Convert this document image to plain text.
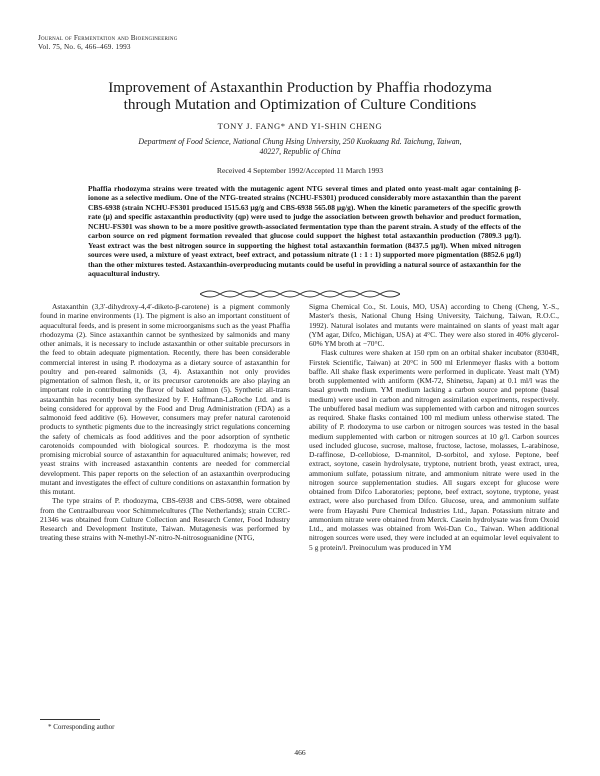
Journal of Fermentation and Bioengineering
Vol. 75, No. 6, 466–469. 1993
Improvement of Astaxanthin Production by Phaffia rhodozyma
through Mutation and Optimization of Culture Conditions
TONY J. FANG* AND YI-SHIN CHENG
Department of Food Science, National Chung Hsing University, 250 Kuokuang Rd. Taichung, Taiwan,
40227, Republic of China
Received 4 September 1992/Accepted 11 March 1993
Phaffia rhodozyma strains were treated with the mutagenic agent NTG several times and plated onto yeast-malt agar containing β-ionone as a selective medium. One of the NTG-treated strains (NCHU-FS301) produced considerably more astaxanthin than the parent CBS-6938 (strain NCHU-FS301 produced 1515.63 µg/g and CBS-6938 565.08 µg/g). When the kinetic parameters of the specific growth rate (µ) and specific astaxanthin productivity (qp) were used to judge the association between growth behavior and product formation, NCHU-FS301 was shown to be a more positive growth-associated fermentation type than the parent strain. A study of the effects of the carbon source on red pigment formation revealed that glucose could support the highest total astaxanthin production (7809.3 µg/l). Yeast extract was the best nitrogen source in supporting the highest total astaxanthin formation (8437.5 µg/l). When mixed nitrogen sources were used, a mixture of yeast extract, beef extract, and potassium nitrate (1 : 1 : 1) supported more pigmentation (8852.6 µg/l) than the other mixtures tested. Astaxanthin-overproducing mutants could be useful in providing a natural source of astaxanthin for the aquacultural industry.

Astaxanthin (3,3′-dihydroxy-4,4′-diketo-β-carotene) is a pigment commonly found in marine environments (1). The pigment is also an important constituent of aquacultural feeds, and is present in some microorganisms such as the yeast Phaffia rhodozyma (2). Since astaxanthin cannot be synthesized by salmonids and many other animals, it is necessary to include astaxanthin or other suitable precursors in the feed to obtain adequate pigmentation. Recently, there has been considerable commercial interest in using P. rhodozyma as a dietary source of astaxanthin for poultry and pen-reared salmonids (3, 4). Astaxanthin not only provides pigmentation of salmon flesh, it, or its precursor carotenoids are also playing an important role in contributing the flavor of baked salmon (5). Synthetic all-trans astaxanthin has recently been synthesized by F. Hoffmann-LaRoche Ltd. and is being considered for approval by the Food and Drug Administration (FDA) as a salmonoid feed additive (6). However, consumers may prefer natural carotenoid products to synthetic pigments due to the increasingly strict regulations concerning the safety of chemicals as food additives and the poor adsorption of synthetic carotenoids compounded with biological sources. P. rhodozyma is the most promising microbial source of astaxanthin for aquacultured animals; however, red yeast strains with increased astaxanthin contents are needed for commercial development. This paper reports on the selection of an astaxanthin overproducing mutant and investigates the effect of culture conditions on astaxanthin formation by this mutant.

The type strains of P. rhodozyma, CBS-6938 and CBS-5098, were obtained from the Centraalbureau voor Schimmelcultures (The Netherlands); strain CCRC-21346 was obtained from Culture Collection and Research Center, Food Industry Research and Development Institute, Taiwan. Mutagenesis was performed by treating these strains with N-methyl-N′-nitro-N-nitrosoguanidine (NTG,

Sigma Chemical Co., St. Louis, MO, USA) according to Cheng (Cheng, Y.-S., Master's thesis, National Chung Hsing University, Taichung, Taiwan, R.O.C., 1992). Natural isolates and mutants were maintained on slants of yeast malt agar (YM agar, Difco, Michigan, USA) at 4°C. They were also stored in 40% glycerol-60% YM broth at −70°C.

Flask cultures were shaken at 150 rpm on an orbital shaker incubator (8304R, Firstek Scientific, Taiwan) at 20°C in 500 ml Erlenmeyer flasks with a bottom baffle. All shake flask experiments were performed in duplicate. Yeast malt (YM) broth supplemented with antiform (KM-72, Shinetsu, Japan) at 0.1 ml/l was the basal growth medium. YM medium lacking a carbon source and peptone (basal medium) were used in carbon and nitrogen assimilation experiments, respectively. The unbuffered basal medium was supplemented with carbon and nitrogen sources as required. Shake flasks contained 100 ml medium unless otherwise stated. The ability of P. rhodozyma to use carbon or nitrogen sources was tested in the basal medium supplemented with carbon or nitrogen sources at 10 g/l. Carbon sources used included glucose, sucrose, maltose, fructose, lactose, molasses, L-arabinose, D-raffinose, D-cellobiose, D-mannitol, D-sorbitol, and xylose. Peptone, beef extract, soytone, casein hydrolysate, tryptone, nutrient broth, yeast extract, urea, ammonium sulfate, potassium nitrate, and ammonium nitrate were used in the nitrogen source supplementation studies. All sugars except for glucose were obtained from Difco Laboratories; peptone, beef extract, soytone, tryptone, yeast extract, were also purchased from Difco. Glucose, urea, and ammonium sulfate were from Hayashi Pure Chemical Industries Ltd., Japan. Potassium nitrate and ammonium nitrate were obtained from Merck. Casein hydrolysate was from Oxoid Ltd., and molasses was obtained from Wei-Dan Co., Taiwan. When additional nitrogen sources were used, they were included at an equimolar level equivalent to 5 g protein/l. Preinoculum was produced in YM

* Corresponding author
466
